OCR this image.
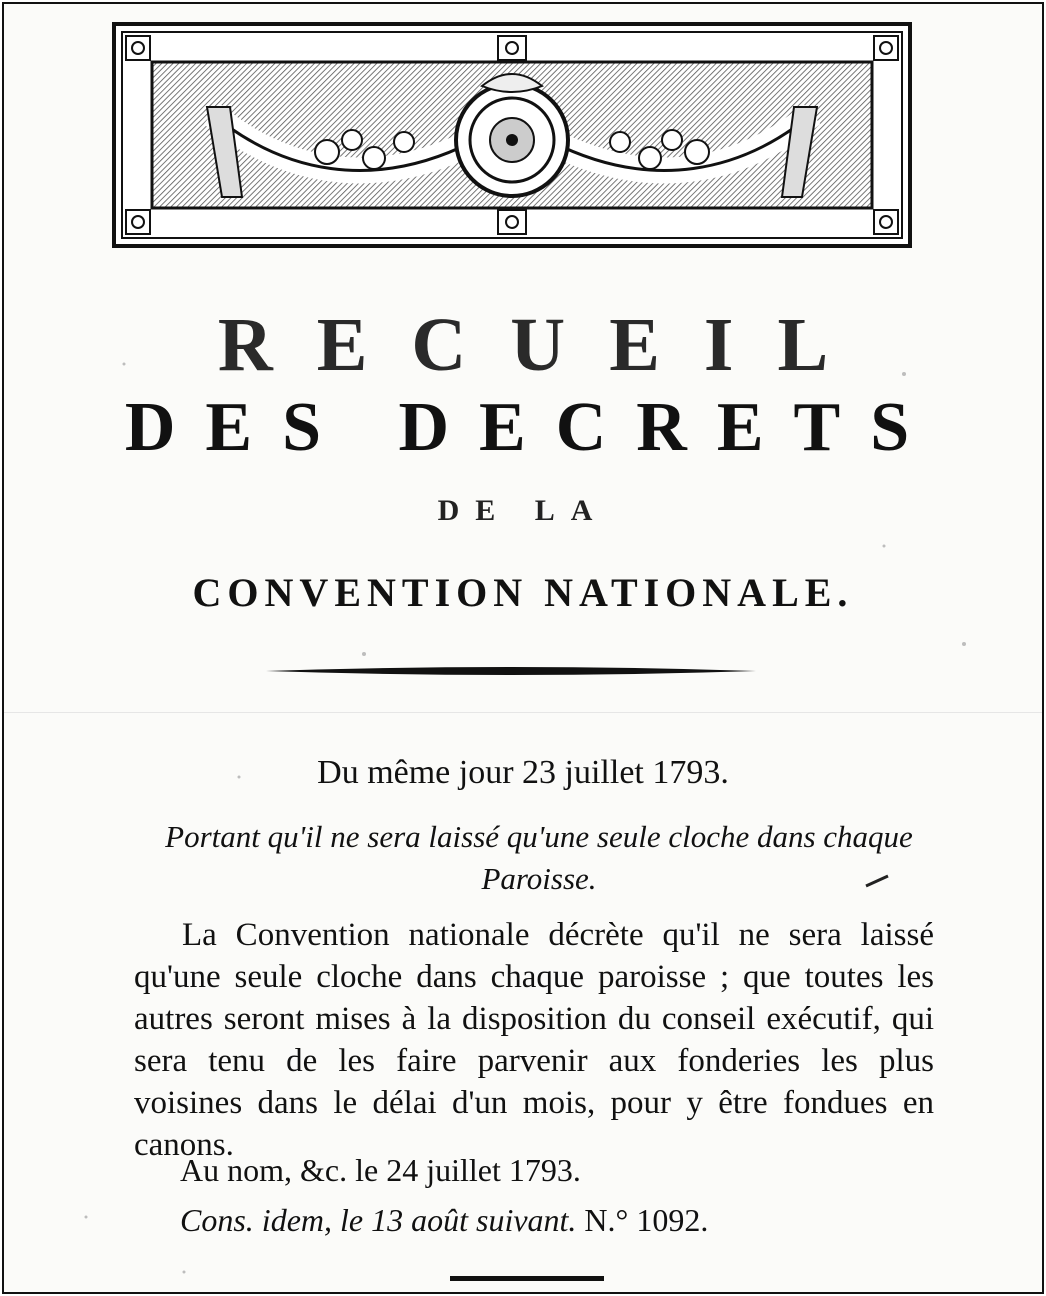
RECUEIL
DES DECRETS
DE LA
CONVENTION NATIONALE.
Du même jour 23 juillet 1793.
Portant qu'il ne sera laissé qu'une seule cloche dans chaque Paroisse.

La Convention nationale décrète qu'il ne sera laissé qu'une seule cloche dans chaque paroisse ; que toutes les autres seront mises à la disposition du conseil exécutif, qui sera tenu de les faire parvenir aux fonderies les plus voisines dans le délai d'un mois, pour y être fondues en canons.

Au nom, &c. le 24 juillet 1793.
Cons. idem, le 13 août suivant. N.° 1092.
